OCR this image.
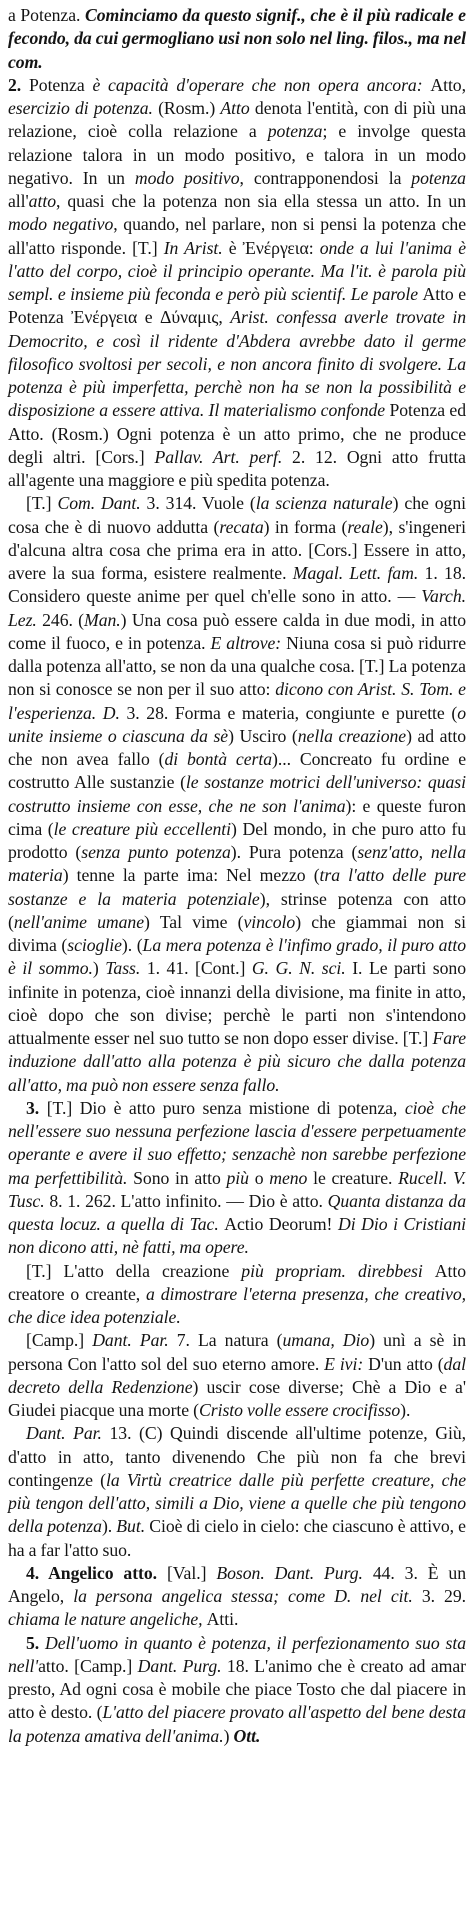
a Potenza. Cominciamo da questo signif., che è il più radicale e fecondo, da cui germogliano usi non solo nel ling. filos., ma nel com.

2. Potenza è capacità d'operare che non opera ancora: Atto, esercizio di potenza. (Rosm.) Atto denota l'entità, con di più una relazione, cioè colla relazione a potenza; e involge questa relazione talora in un modo positivo, e talora in un modo negativo. In un modo positivo, contrapponendosi la potenza all'atto, quasi che la potenza non sia ella stessa un atto. In un modo negativo, quando, nel parlare, non si pensi la potenza che all'atto risponde. [T.] In Arist. è Ἐνέργεια: onde a lui l'anima è l'atto del corpo, cioè il principio operante. Ma l'it. è parola più sempl. e insieme più feconda e però più scientif. Le parole Atto e Potenza Ἐνέργεια e Δύναμις, Arist. confessa averle trovate in Democrito, e così il ridente d'Abdera avrebbe dato il germe filosofico svoltosi per secoli, e non ancora finito di svolgere. La potenza è più imperfetta, perchè non ha se non la possibilità e disposizione a essere attiva. Il materialismo confonde Potenza ed Atto. (Rosm.) Ogni potenza è un atto primo, che ne produce degli altri. [Cors.] Pallav. Art. perf. 2. 12. Ogni atto frutta all'agente una maggiore e più spedita potenza.

[T.] Com. Dant. 3. 314. Vuole (la scienza naturale) che ogni cosa che è di nuovo addutta (recata) in forma (reale), s'ingeneri d'alcuna altra cosa che prima era in atto. [Cors.] Essere in atto, avere la sua forma, esistere realmente. Magal. Lett. fam. 1. 18. Considero queste anime per quel ch'elle sono in atto. — Varch. Lez. 246. (Man.) Una cosa può essere calda in due modi, in atto come il fuoco, e in potenza. E altrove: Niuna cosa si può ridurre dalla potenza all'atto, se non da una qualche cosa. [T.] La potenza non si conosce se non per il suo atto: dicono con Arist. S. Tom. e l'esperienza. D. 3. 28. Forma e materia, congiunte e purette (o unite insieme o ciascuna da sè) Usciro (nella creazione) ad atto che non avea fallo (di bontà certa)... Concreato fu ordine e costrutto Alle sustanzie (le sostanze motrici dell'universo: quasi costrutto insieme con esse, che ne son l'anima): e queste furon cima (le creature più eccellenti) Del mondo, in che puro atto fu prodotto (senza punto potenza). Pura potenza (senz'atto, nella materia) tenne la parte ima: Nel mezzo (tra l'atto delle pure sostanze e la materia potenziale), strinse potenza con atto (nell'anime umane) Tal vime (vincolo) che giammai non si divima (scioglie). (La mera potenza è l'infimo grado, il puro atto è il sommo.) Tass. 1. 41. [Cont.] G. G. N. sci. I. Le parti sono infinite in potenza, cioè innanzi della divisione, ma finite in atto, cioè dopo che son divise; perchè le parti non s'intendono attualmente esser nel suo tutto se non dopo esser divise. [T.] Fare induzione dall'atto alla potenza è più sicuro che dalla potenza all'atto, ma può non essere senza fallo.

3. [T.] Dio è atto puro senza mistione di potenza, cioè che nell'essere suo nessuna perfezione lascia d'essere perpetuamente operante e avere il suo effetto; senzachè non sarebbe perfezione ma perfettibilità. Sono in atto più o meno le creature. Rucell. V. Tusc. 8. 1. 262. L'atto infinito. — Dio è atto. Quanta distanza da questa locuz. a quella di Tac. Actio Deorum! Di Dio i Cristiani non dicono atti, nè fatti, ma opere.

[T.] L'atto della creazione più propriam. direbbesi Atto creatore o creante, a dimostrare l'eterna presenza, che creativo, che dice idea potenziale.

[Camp.] Dant. Par. 7. La natura (umana, Dio) unì a sè in persona Con l'atto sol del suo eterno amore. E ivi: D'un atto (dal decreto della Redenzione) uscir cose diverse; Chè a Dio e a' Giudei piacque una morte (Cristo volle essere crocifisso).

Dant. Par. 13. (C) Quindi discende all'ultime potenze, Giù, d'atto in atto, tanto divenendo Che più non fa che brevi contingenze (la Virtù creatrice dalle più perfette creature, che più tengon dell'atto, simili a Dio, viene a quelle che più tengono della potenza). But. Cioè di cielo in cielo: che ciascuno è attivo, e ha a far l'atto suo.

4. Angelico atto. [Val.] Boson. Dant. Purg. 44. 3. È un Angelo, la persona angelica stessa; come D. nel cit. 3. 29. chiama le nature angeliche, Atti.

5. Dell'uomo in quanto è potenza, il perfezionamento suo sta nell'atto. [Camp.] Dant. Purg. 18. L'animo che è creato ad amar presto, Ad ogni cosa è mobile che piace Tosto che dal piacere in atto è desto. (L'atto del piacere provato all'aspetto del bene desta la potenza amativa dell'anima.) Ott.
